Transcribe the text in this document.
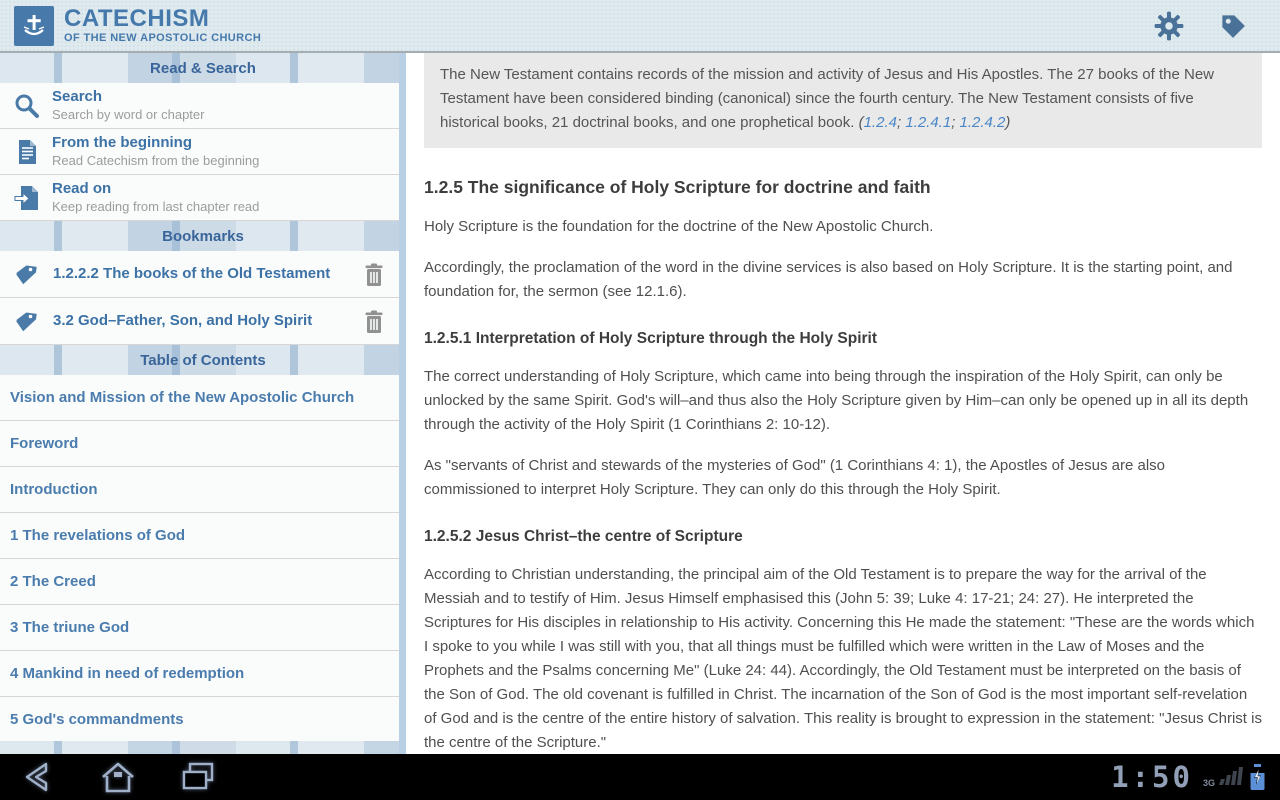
CATECHISM
OF THE NEW APOSTOLIC CHURCH
Read & Search
Search
Search by word or chapter
From the beginning
Read Catechism from the beginning
Read on
Keep reading from last chapter read
Bookmarks
1.2.2.2 The books of the Old Testament
3.2 God–Father, Son, and Holy Spirit
Table of Contents
Vision and Mission of the New Apostolic Church
Foreword
Introduction
1 The revelations of God
2 The Creed
3 The triune God
4 Mankind in need of redemption
5 God's commandments
The New Testament contains records of the mission and activity of Jesus and His Apostles. The 27 books of the New Testament have been considered binding (canonical) since the fourth century. The New Testament consists of five historical books, 21 doctrinal books, and one prophetical book. (1.2.4; 1.2.4.1; 1.2.4.2)
1.2.5 The significance of Holy Scripture for doctrine and faith

Holy Scripture is the foundation for the doctrine of the New Apostolic Church.

Accordingly, the proclamation of the word in the divine services is also based on Holy Scripture. It is the starting point, and foundation for, the sermon (see 12.1.6).

1.2.5.1 Interpretation of Holy Scripture through the Holy Spirit

The correct understanding of Holy Scripture, which came into being through the inspiration of the Holy Spirit, can only be unlocked by the same Spirit. God's will–and thus also the Holy Scripture given by Him–can only be opened up in all its depth through the activity of the Holy Spirit (1 Corinthians 2: 10-12).

As "servants of Christ and stewards of the mysteries of God" (1 Corinthians 4: 1), the Apostles of Jesus are also commissioned to interpret Holy Scripture. They can only do this through the Holy Spirit.

1.2.5.2 Jesus Christ–the centre of Scripture

According to Christian understanding, the principal aim of the Old Testament is to prepare the way for the arrival of the Messiah and to testify of Him. Jesus Himself emphasised this (John 5: 39; Luke 4: 17-21; 24: 27). He interpreted the Scriptures for His disciples in relationship to His activity. Concerning this He made the statement: "These are the words which I spoke to you while I was still with you, that all things must be fulfilled which were written in the Law of Moses and the Prophets and the Psalms concerning Me" (Luke 24: 44). Accordingly, the Old Testament must be interpreted on the basis of the Son of God. The old covenant is fulfilled in Christ. The incarnation of the Son of God is the most important self-revelation of God and is the centre of the entire history of salvation. This reality is brought to expression in the statement: "Jesus Christ is the centre of the Scripture."

1:50 3G
